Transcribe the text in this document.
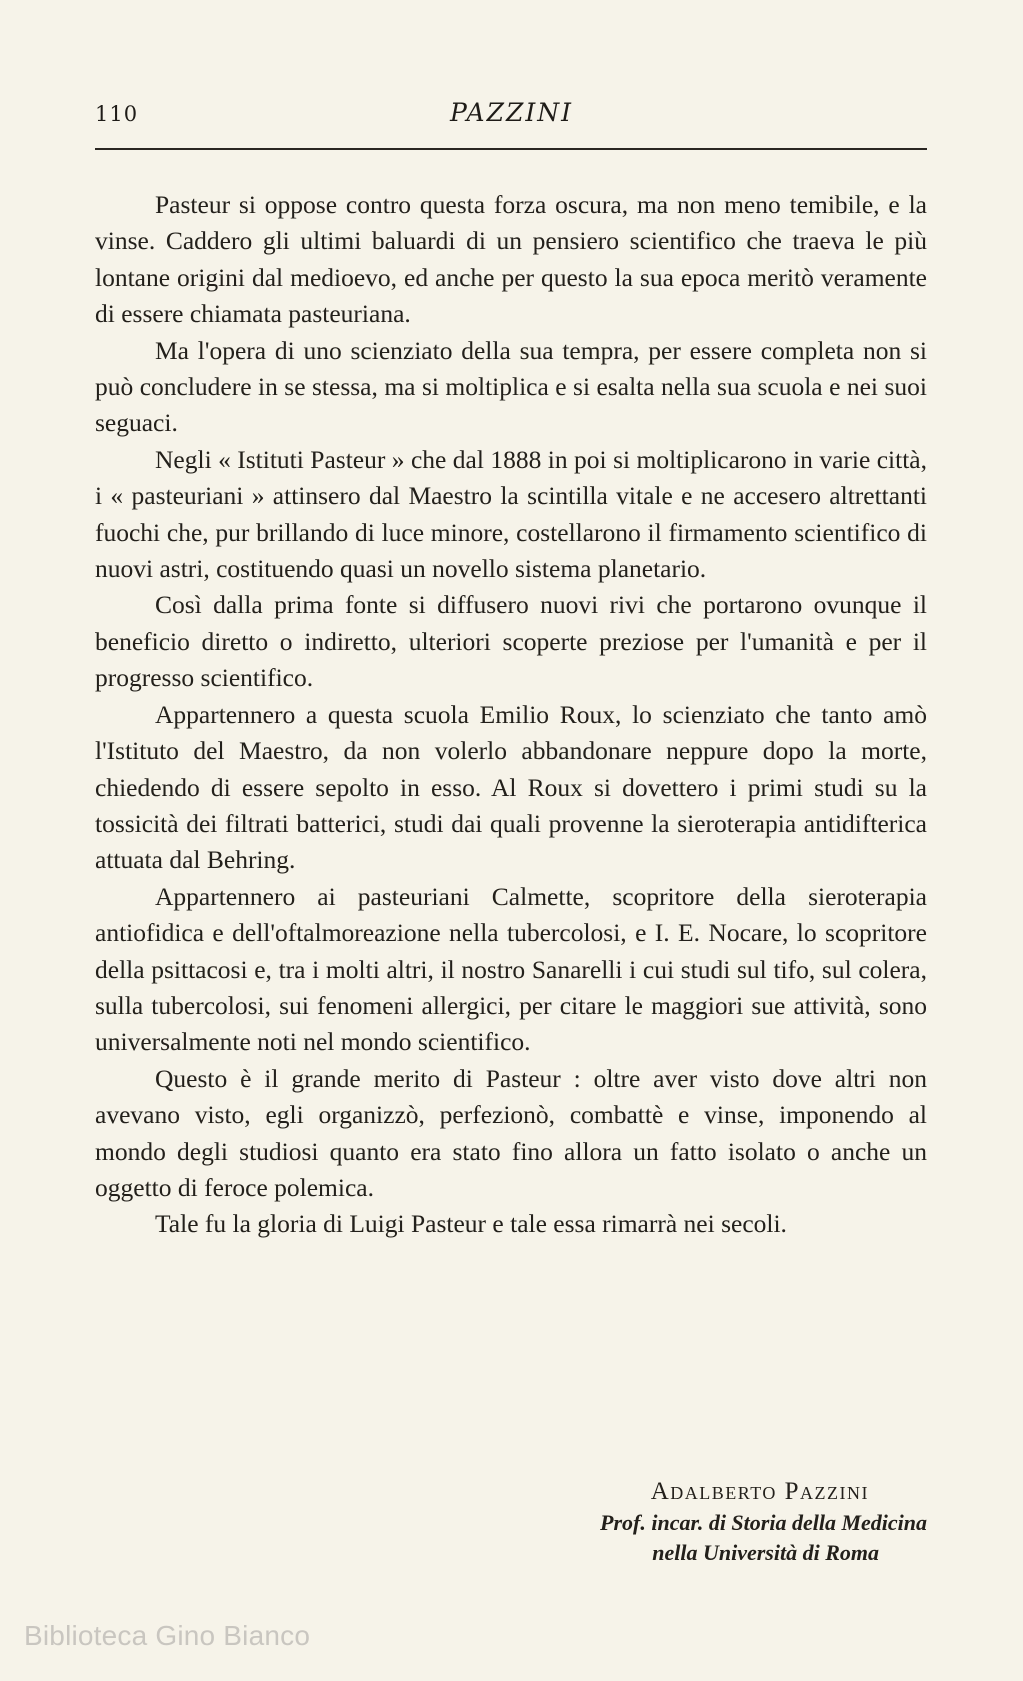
110	PAZZINI

Pasteur si oppose contro questa forza oscura, ma non meno temibile, e la vinse. Caddero gli ultimi baluardi di un pensiero scientifico che traeva le più lontane origini dal medioevo, ed anche per questo la sua epoca meritò veramente di essere chiamata pasteuriana.

Ma l'opera di uno scienziato della sua tempra, per essere completa non si può concludere in se stessa, ma si moltiplica e si esalta nella sua scuola e nei suoi seguaci.

Negli « Istituti Pasteur » che dal 1888 in poi si moltiplicarono in varie città, i « pasteuriani » attinsero dal Maestro la scintilla vitale e ne accesero altrettanti fuochi che, pur brillando di luce minore, costellarono il firmamento scientifico di nuovi astri, costituendo quasi un novello sistema planetario.

Così dalla prima fonte si diffusero nuovi rivi che portarono ovunque il beneficio diretto o indiretto, ulteriori scoperte preziose per l'umanità e per il progresso scientifico.

Appartennero a questa scuola Emilio Roux, lo scienziato che tanto amò l'Istituto del Maestro, da non volerlo abbandonare neppure dopo la morte, chiedendo di essere sepolto in esso. Al Roux si dovettero i primi studi su la tossicità dei filtrati batterici, studi dai quali provenne la sieroterapia antidifterica attuata dal Behring.

Appartennero ai pasteuriani Calmette, scopritore della sieroterapia antiofidica e dell'oftalmoreazione nella tubercolosi, e I. E. Nocare, lo scopritore della psittacosi e, tra i molti altri, il nostro Sanarelli i cui studi sul tifo, sul colera, sulla tubercolosi, sui fenomeni allergici, per citare le maggiori sue attività, sono universalmente noti nel mondo scientifico.

Questo è il grande merito di Pasteur : oltre aver visto dove altri non avevano visto, egli organizzò, perfezionò, combattè e vinse, imponendo al mondo degli studiosi quanto era stato fino allora un fatto isolato o anche un oggetto di feroce polemica.

Tale fu la gloria di Luigi Pasteur e tale essa rimarrà nei secoli.

Adalberto Pazzini
Prof. incar. di Storia della Medicina
nella Università di Roma
Biblioteca Gino Bianco
